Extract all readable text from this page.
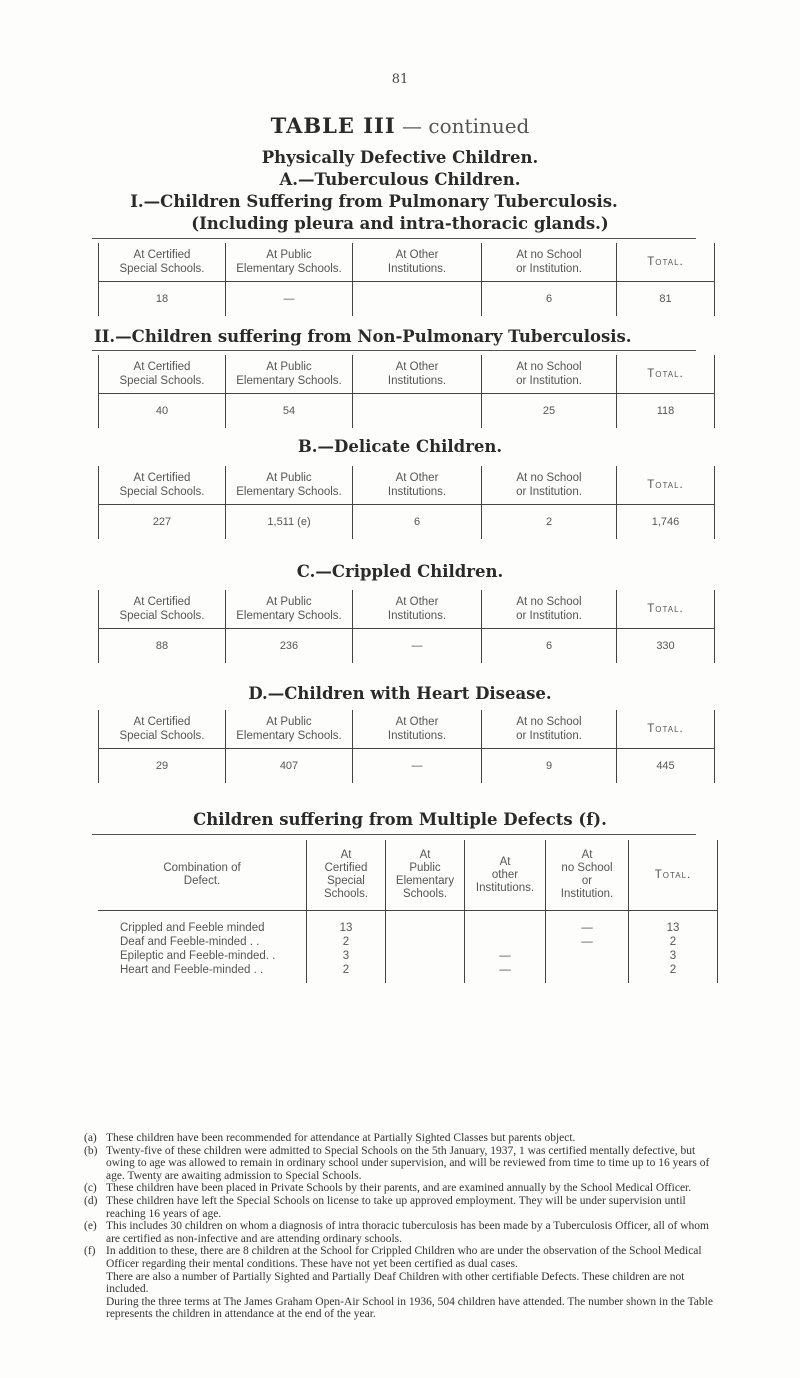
81
TABLE III — continued
Physically Defective Children.
A.—Tuberculous Children.
I.—Children Suffering from Pulmonary Tuberculosis.
(Including pleura and intra-thoracic glands.)
At Certified
Special Schools.	At Public
Elementary Schools.	At Other
Institutions.	At no School
or Institution.	Total.
18	—		6	81
II.—Children suffering from Non-Pulmonary Tuberculosis.
At Certified
Special Schools.	At Public
Elementary Schools.	At Other
Institutions.	At no School
or Institution.	Total.
40	54		25	118
B.—Delicate Children.
At Certified
Special Schools.	At Public
Elementary Schools.	At Other
Institutions.	At no School
or Institution.	Total.
227	1,511 (e)	6	2	1,746
C.—Crippled Children.
At Certified
Special Schools.	At Public
Elementary Schools.	At Other
Institutions.	At no School
or Institution.	Total.
88	236	—	6	330
D.—Children with Heart Disease.
At Certified
Special Schools.	At Public
Elementary Schools.	At Other
Institutions.	At no School
or Institution.	Total.
29	407	—	9	445
Children suffering from Multiple Defects (f).
Combination of
Defect.	At
Certified
Special
Schools.	At
Public
Elementary
Schools.	At
other
Institutions.	At
no School
or
Institution.	Total.
Crippled and Feeble minded	13			—	13
Deaf and Feeble-minded . .	2			—	2
Epileptic and Feeble-minded. .	3		—		3
Heart and Feeble-minded . .	2		—		2
(a) These children have been recommended for attendance at Partially Sighted Classes but parents object.

(b) Twenty-five of these children were admitted to Special Schools on the 5th January, 1937, 1 was certified mentally defective, but owing to age was allowed to remain in ordinary school under supervision, and will be reviewed from time to time up to 16 years of age. Twenty are awaiting admission to Special Schools.

(c) These children have been placed in Private Schools by their parents, and are examined annually by the School Medical Officer.

(d) These children have left the Special Schools on license to take up approved employment. They will be under supervision until reaching 16 years of age.

(e) This includes 30 children on whom a diagnosis of intra thoracic tuberculosis has been made by a Tuberculosis Officer, all of whom are certified as non-infective and are attending ordinary schools.

(f) In addition to these, there are 8 children at the School for Crippled Children who are under the observation of the School Medical Officer regarding their mental conditions. These have not yet been certified as dual cases.

There are also a number of Partially Sighted and Partially Deaf Children with other certifiable Defects. These children are not included.

During the three terms at The James Graham Open-Air School in 1936, 504 children have attended. The number shown in the Table represents the children in attendance at the end of the year.
